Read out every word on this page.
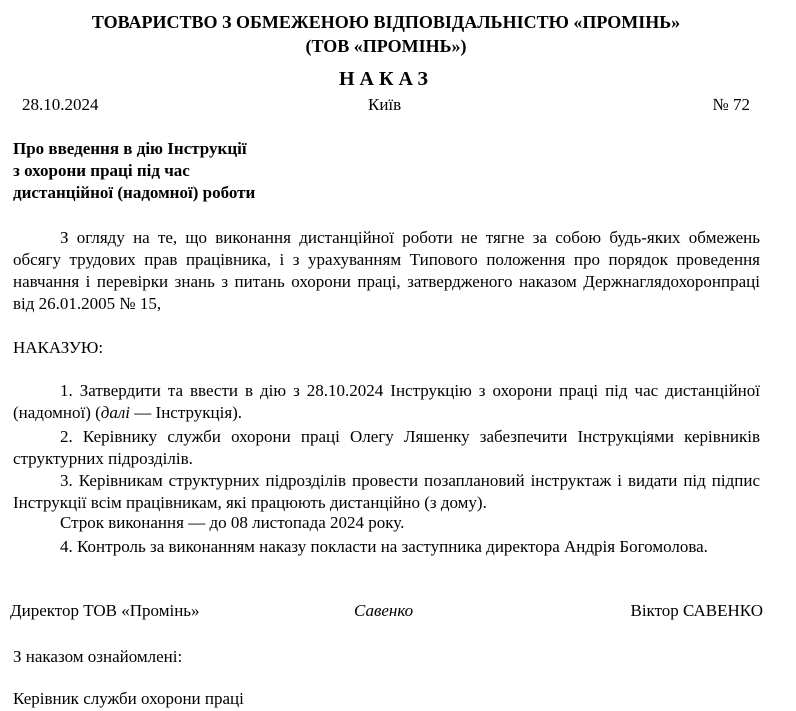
ТОВАРИСТВО З ОБМЕЖЕНОЮ ВІДПОВІДАЛЬНІСТЮ «ПРОМІНЬ»
(ТОВ «ПРОМІНЬ»)
НАКАЗ
28.10.2024	Київ	№ 72
Про введення в дію Інструкції
з охорони праці під час
дистанційної (надомної) роботи
З огляду на те, що виконання дистанційної роботи не тягне за собою будь-яких обмежень обсягу трудових прав працівника, і з урахуванням Типового положення про порядок проведення навчання і перевірки знань з питань охорони праці, затвердженого наказом Держнаглядохоронпраці від 26.01.2005 № 15,
НАКАЗУЮ:
1. Затвердити та ввести в дію з 28.10.2024 Інструкцію з охорони праці під час дистанційної (надомної) (далі — Інструкція).
2. Керівнику служби охорони праці Олегу Ляшенку забезпечити Інструкціями керівників структурних підрозділів.
3. Керівникам структурних підрозділів провести позаплановий інструктаж і видати під підпис Інструкції всім працівникам, які працюють дистанційно (з дому).
Строк виконання — до 08 листопада 2024 року.
4. Контроль за виконанням наказу покласти на заступника директора Андрія Богомолова.
Директор ТОВ «Промінь»	Савенко	Віктор САВЕНКО
З наказом ознайомлені:
Керівник служби охорони праці
